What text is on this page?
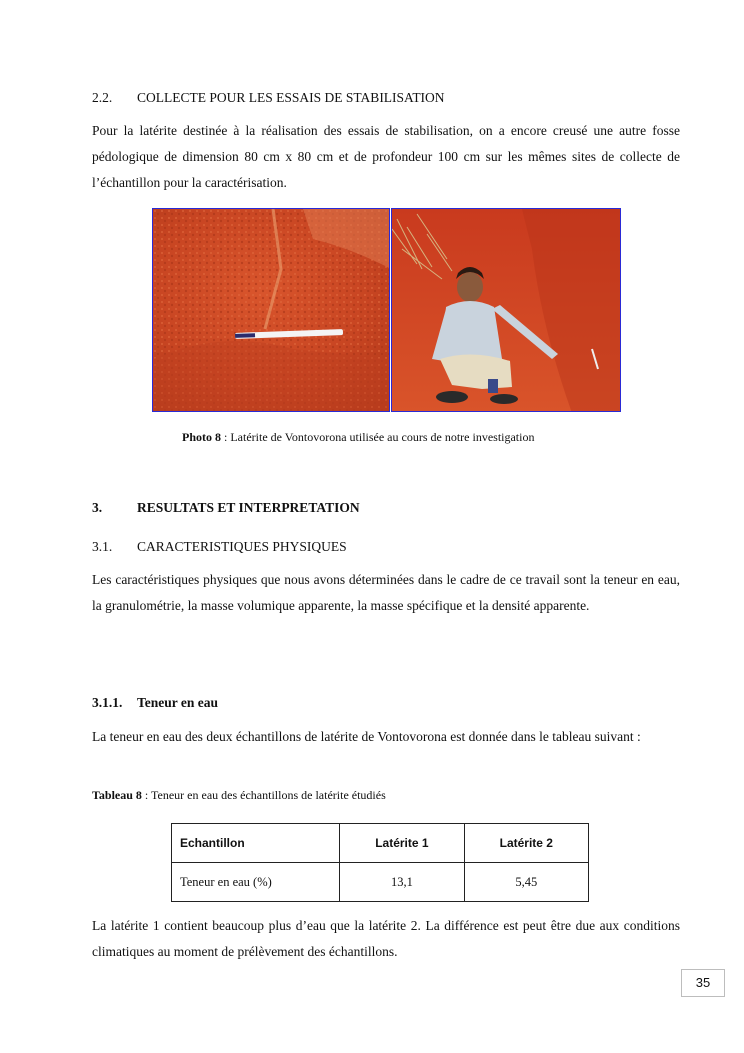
2.2. COLLECTE POUR LES ESSAIS DE STABILISATION
Pour la latérite destinée à la réalisation des essais de stabilisation, on a encore creusé une autre fosse pédologique de dimension 80 cm x 80 cm et de profondeur 100 cm sur les mêmes sites de collecte de l’échantillon pour la caractérisation.
Photo 8 : Latérite de Vontovorona utilisée au cours de notre investigation
3.	RESULTATS ET INTERPRETATION
3.1. CARACTERISTIQUES PHYSIQUES
Les caractéristiques physiques que nous avons déterminées dans le cadre de ce travail sont la teneur en eau, la granulométrie, la masse volumique apparente, la masse spécifique et la densité apparente.
3.1.1. Teneur en eau
La teneur en eau des deux échantillons de latérite de Vontovorona est donnée dans le tableau suivant :
Tableau 8 : Teneur en eau des échantillons de latérite étudiés
Echantillon	Latérite 1	Latérite 2
Teneur en eau (%)	13,1	5,45
La latérite 1 contient beaucoup plus d’eau que la latérite 2. La différence est peut être due aux conditions climatiques au moment de prélèvement des échantillons.
35
